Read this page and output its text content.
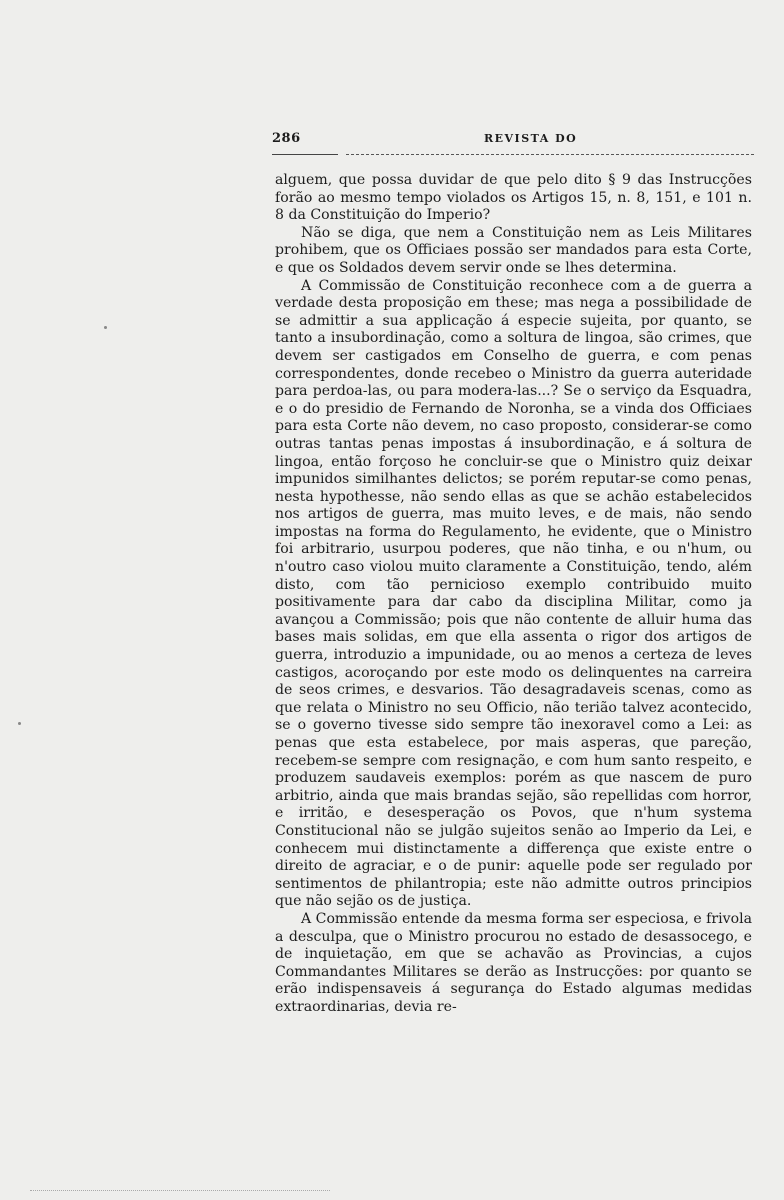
286	REVISTA DO

alguem, que possa duvidar de que pelo dito § 9 das Instrucções forão ao mesmo tempo violados os Artigos 15, n. 8, 151, e 101 n. 8 da Constituição do Imperio?

Não se diga, que nem a Constituição nem as Leis Militares prohibem, que os Officiaes possão ser mandados para esta Corte, e que os Soldados devem servir onde se lhes determina.

A Commissão de Constituição reconhece com a de guerra a verdade desta proposição em these; mas nega a possibilidade de se admittir a sua applicação á especie sujeita, por quanto, se tanto a insubordinação, como a soltura de lingoa, são crimes, que devem ser castigados em Conselho de guerra, e com penas correspondentes, donde recebeo o Ministro da guerra auteridade para perdoa-las, ou para modera-las...? Se o serviço da Esquadra, e o do presidio de Fernando de Noronha, se a vinda dos Officiaes para esta Corte não devem, no caso proposto, considerar-se como outras tantas penas impostas á insubordinação, e á soltura de lingoa, então forçoso he concluir-se que o Ministro quiz deixar impunidos similhantes delictos; se porém reputar-se como penas, nesta hypothesse, não sendo ellas as que se achão estabelecidos nos artigos de guerra, mas muito leves, e de mais, não sendo impostas na forma do Regulamento, he evidente, que o Ministro foi arbitrario, usurpou poderes, que não tinha, e ou n'hum, ou n'outro caso violou muito claramente a Constituição, tendo, além disto, com tão pernicioso exemplo contribuido muito positivamente para dar cabo da disciplina Militar, como ja avançou a Commissão; pois que não contente de alluir huma das bases mais solidas, em que ella assenta o rigor dos artigos de guerra, introduzio a impunidade, ou ao menos a certeza de leves castigos, acoroçando por este modo os delinquentes na carreira de seos crimes, e desvarios. Tão desagradaveis scenas, como as que relata o Ministro no seu Officio, não terião talvez acontecido, se o governo tivesse sido sempre tão inexoravel como a Lei: as penas que esta estabelece, por mais asperas, que pareção, recebem-se sempre com resignação, e com hum santo respeito, e produzem saudaveis exemplos: porém as que nascem de puro arbitrio, ainda que mais brandas sejão, são repellidas com horror, e irritão, e desesperação os Povos, que n'hum systema Constitucional não se julgão sujeitos senão ao Imperio da Lei, e conhecem mui distinctamente a differença que existe entre o direito de agraciar, e o de punir: aquelle pode ser regulado por sentimentos de philantropia; este não admitte outros principios que não sejão os de justiça.

A Commissão entende da mesma forma ser especiosa, e frivola a desculpa, que o Ministro procurou no estado de desassocego, e de inquietação, em que se achavão as Provincias, a cujos Commandantes Militares se derão as Instrucções: por quanto se erão indispensaveis á segurança do Estado algumas medidas extraordinarias, devia re-
